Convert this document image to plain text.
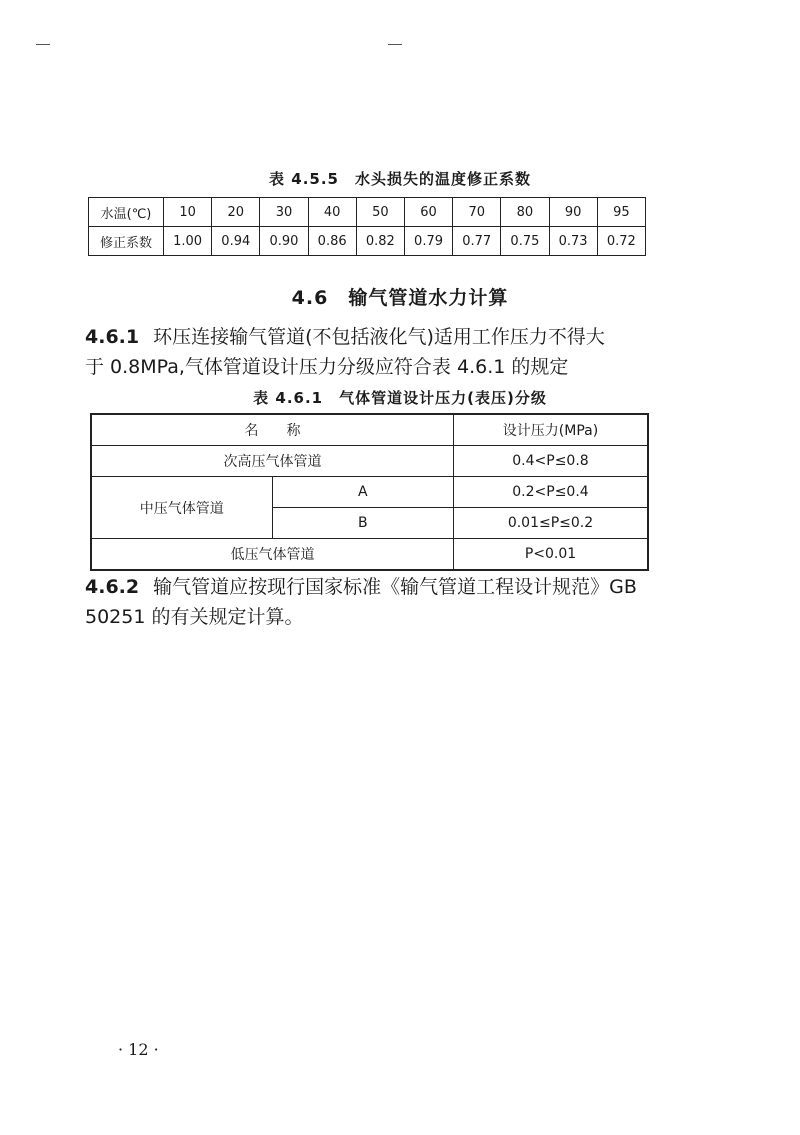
表 4.5.5　水头损失的温度修正系数
水温(℃)	10	20	30	40	50	60	70	80	90	95
修正系数	1.00	0.94	0.90	0.86	0.82	0.79	0.77	0.75	0.73	0.72
4.6　输气管道水力计算
4.6.1 环压连接输气管道(不包括液化气)适用工作压力不得大
于 0.8MPa,气体管道设计压力分级应符合表 4.6.1 的规定
表 4.6.1　气体管道设计压力(表压)分级
名　　称		设计压力(MPa)
次高压气体管道		0.4<P≤0.8
中压气体管道	A	0.2<P≤0.4
	B	0.01≤P≤0.2
低压气体管道		P<0.01
4.6.2 输气管道应按现行国家标准《输气管道工程设计规范》GB
50251 的有关规定计算。
· 12 ·
